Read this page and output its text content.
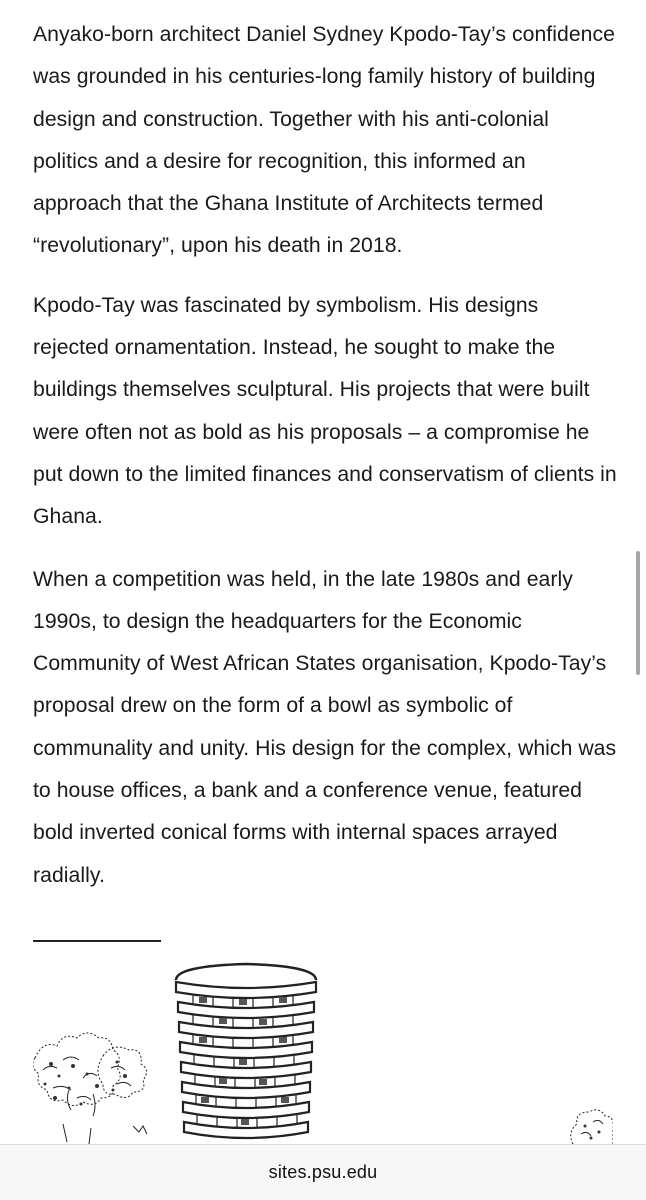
Anyako-born architect Daniel Sydney Kpodo-Tay’s confidence was grounded in his centuries-long family history of building design and construction. Together with his anti-colonial politics and a desire for recognition, this informed an approach that the Ghana Institute of Architects termed “revolutionary”, upon his death in 2018.

Kpodo-Tay was fascinated by symbolism. His designs rejected ornamentation. Instead, he sought to make the buildings themselves sculptural. His projects that were built were often not as bold as his proposals – a compromise he put down to the limited finances and conservatism of clients in Ghana.

When a competition was held, in the late 1980s and early 1990s, to design the headquarters for the Economic Community of West African States organisation, Kpodo-Tay’s proposal drew on the form of a bowl as symbolic of communality and unity. His design for the complex, which was to house offices, a bank and a conference venue, featured bold inverted conical forms with internal spaces arrayed radially.

sites.psu.edu
